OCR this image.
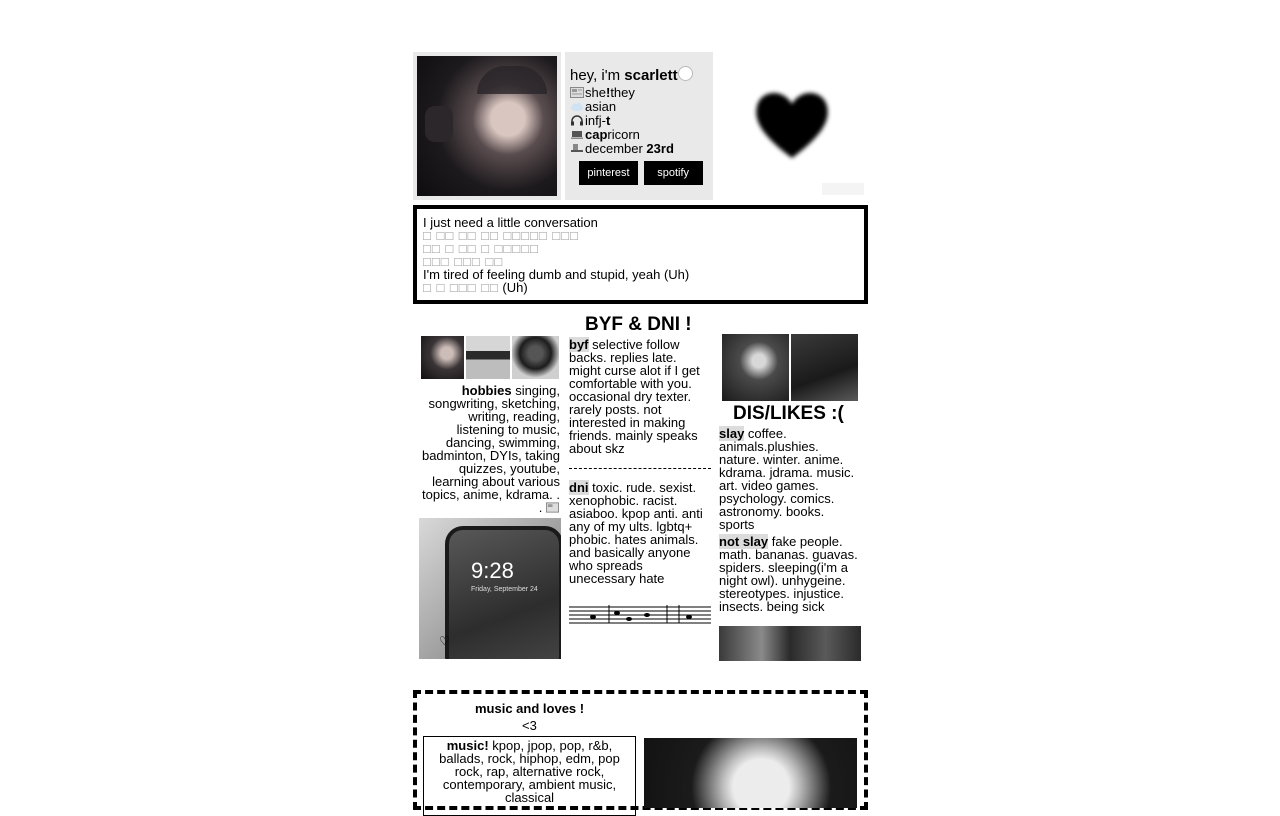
hey, i'm scarlett
she!they
asian
infj-t
capricorn
december 23rd
pinterest	spotify
I just need a little conversation
□ □□ □□ □□ □□□□□ □□□
□□ □ □□ □ □□□□□
□□□ □□□ □□
I'm tired of feeling dumb and stupid, yeah (Uh)
□ □ □□□ □□ (Uh)
BYF & DNI !
hobbies singing, songwriting, sketching, writing, reading, listening to music, dancing, swimming, badminton, DYIs, taking quizzes, youtube, learning about various topics, anime, kdrama. . .
9:28
Friday, September 24
♡
byf selective follow backs. replies late. might curse alot if I get comfortable with you. occasional dry texter. rarely posts. not interested in making friends. mainly speaks about skz
dni toxic. rude. sexist. xenophobic. racist. asiaboo. kpop anti. anti any of my ults. lgbtq+ phobic. hates animals. and basically anyone who spreads unecessary hate
DIS/LIKES :(
slay coffee. animals.plushies. nature. winter. anime. kdrama. jdrama. music. art. video games. psychology. comics. astronomy. books. sports
not slay fake people. math. bananas. guavas. spiders. sleeping(i'm a night owl). unhygeine. stereotypes. injustice. insects. being sick
music and loves !
<3
music! kpop, jpop, pop, r&b, ballads, rock, hiphop, edm, pop rock, rap, alternative rock, contemporary, ambient music, classical
